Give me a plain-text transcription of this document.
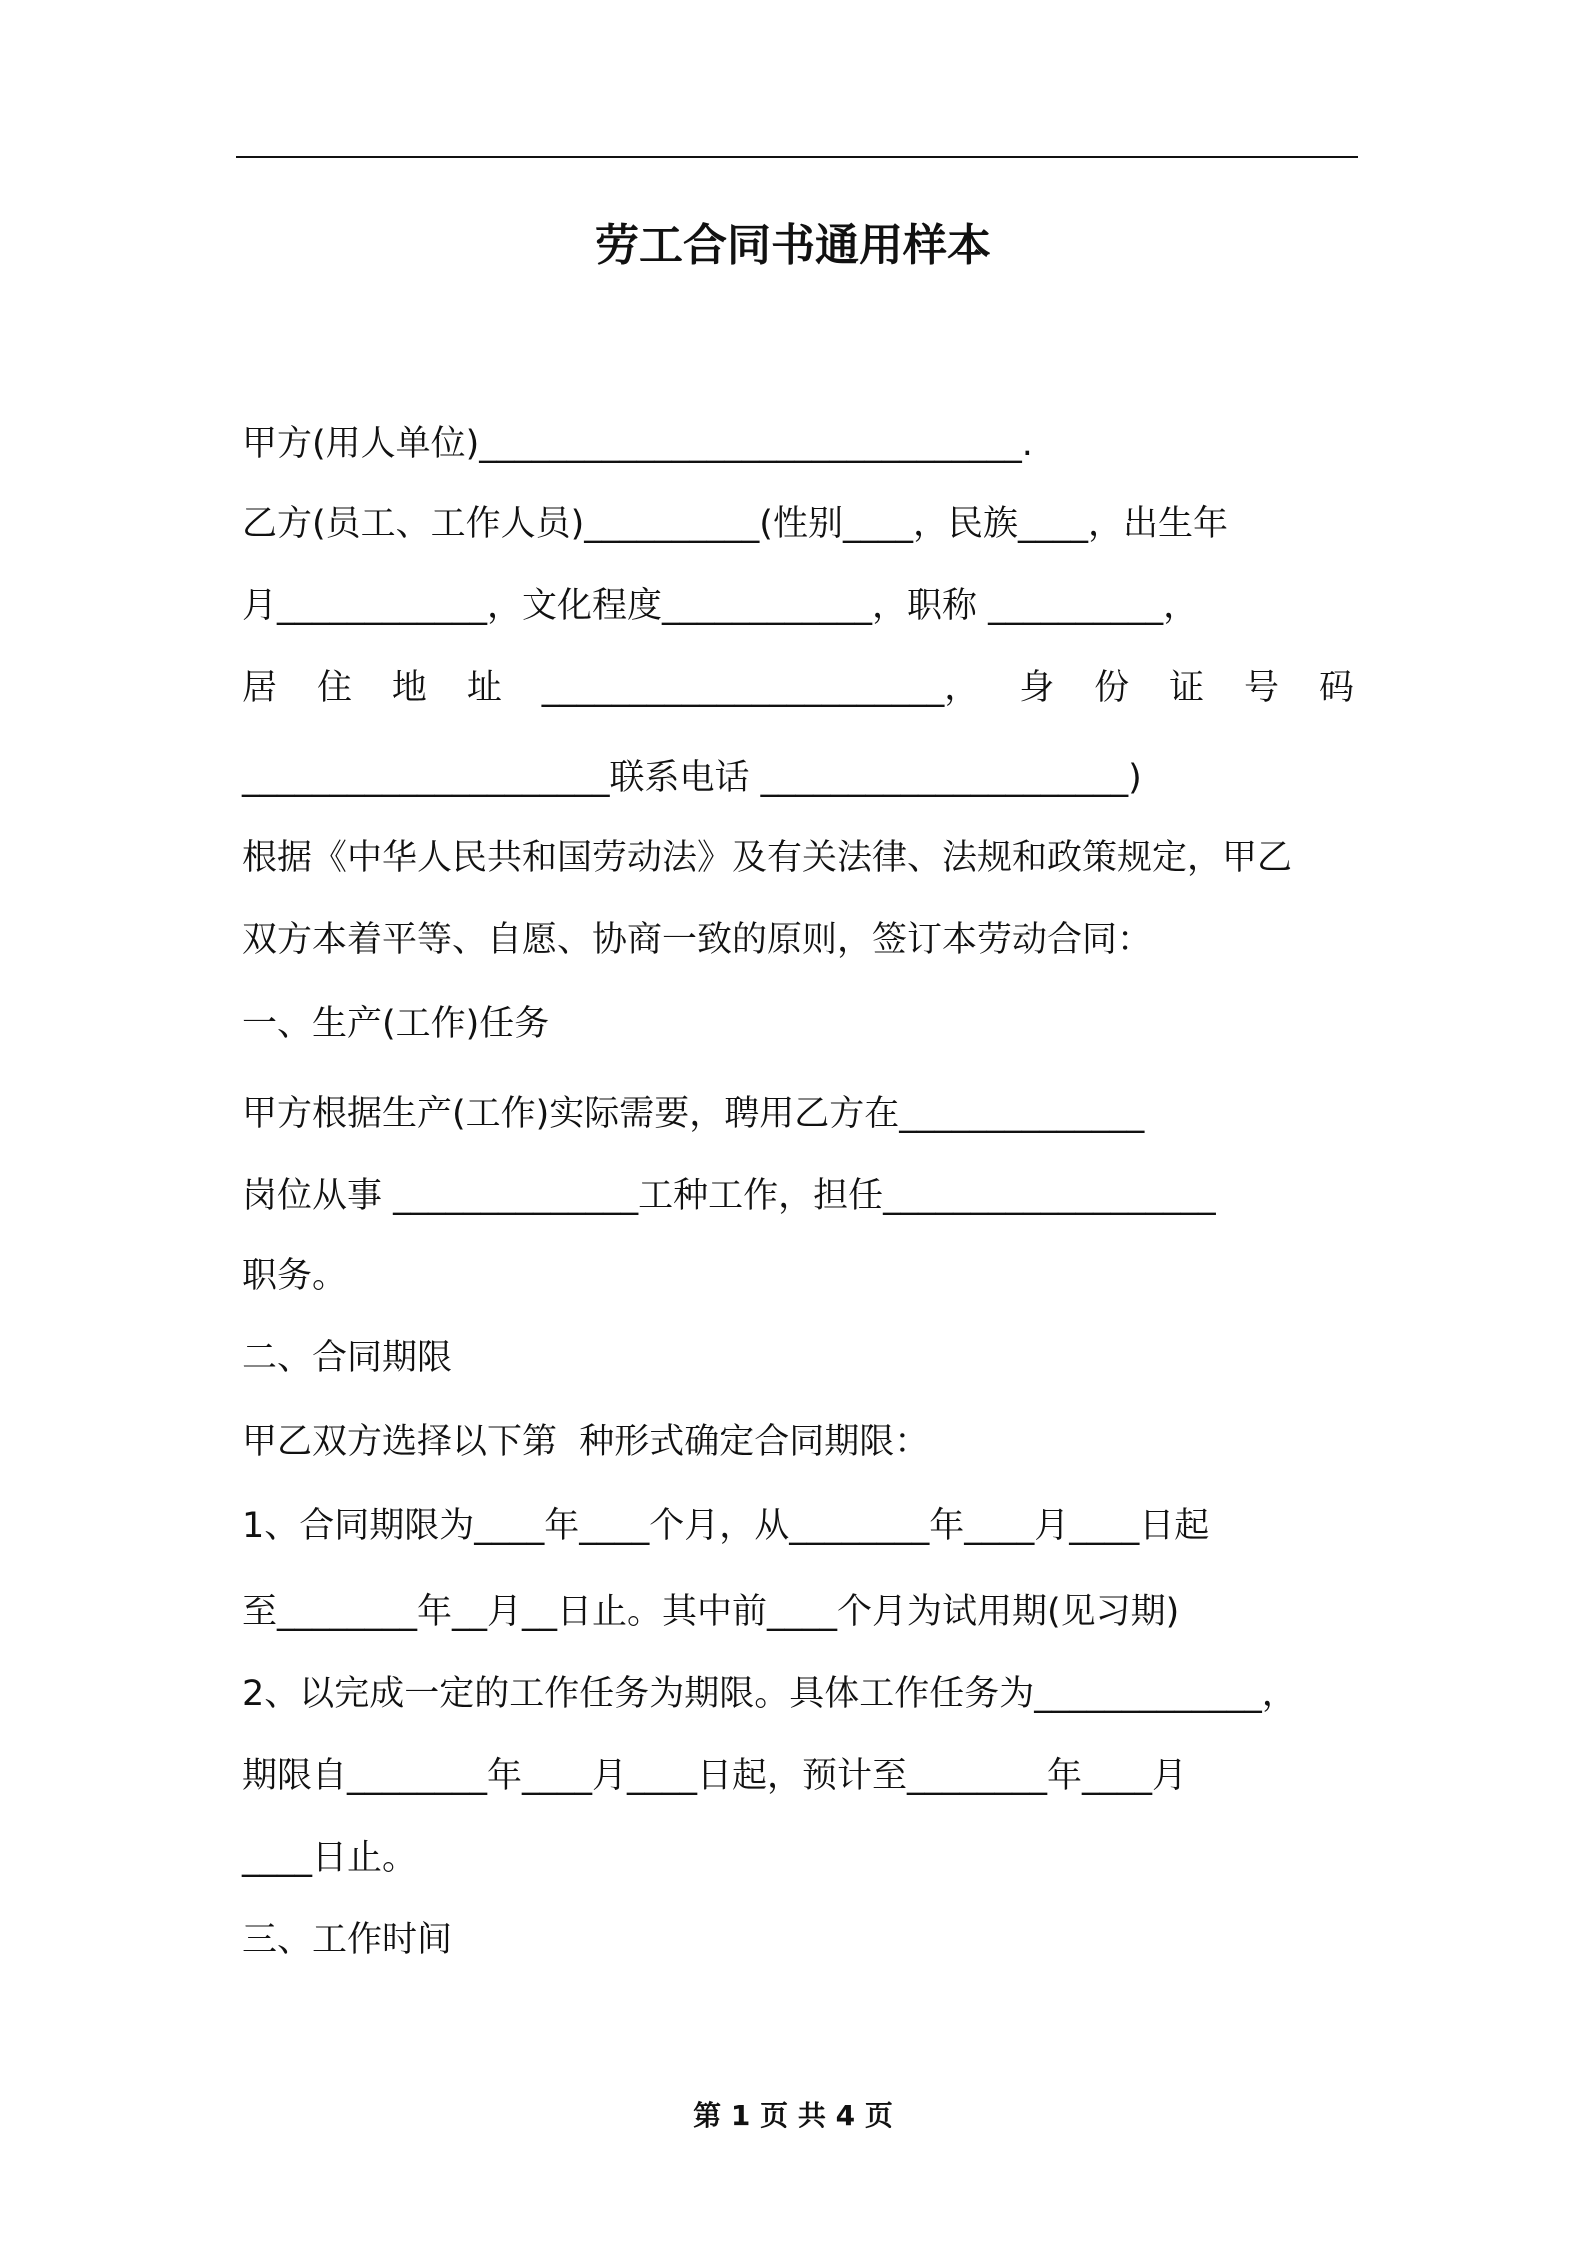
劳工合同书通用样本
甲方(用人单位)_______________________________.
乙方(员工、工作人员)__________(性别____，民族____，出生年
月____________，文化程度____________，职称 __________，
居 住 地 址 _______________________， 身 份 证 号 码
_____________________联系电话 _____________________)
根据《中华人民共和国劳动法》及有关法律、法规和政策规定，甲乙
双方本着平等、自愿、协商一致的原则，签订本劳动合同：
一、生产(工作)任务
甲方根据生产(工作)实际需要，聘用乙方在______________
岗位从事 ______________工种工作，担任___________________
职务。
二、合同期限
甲乙双方选择以下第  种形式确定合同期限：
1、合同期限为____年____个月，从________年____月____日起
至________年__月__日止。其中前____个月为试用期(见习期)
2、以完成一定的工作任务为期限。具体工作任务为_____________，
期限自________年____月____日起，预计至________年____月
____日止。
三、工作时间
第 1 页 共 4 页
